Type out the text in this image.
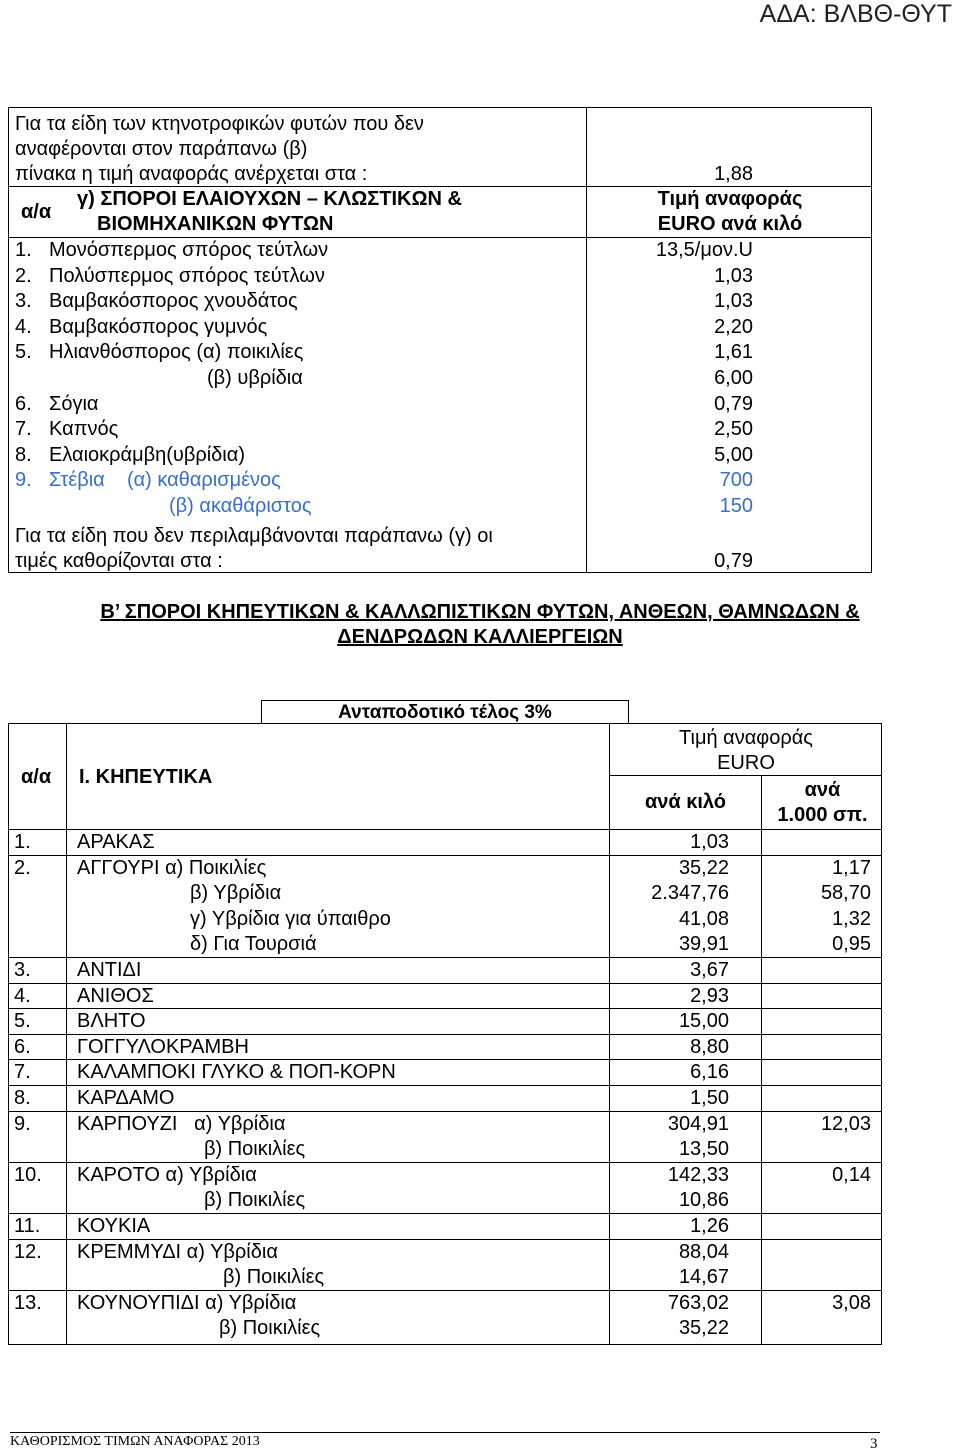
ΑΔΑ: ΒΛΒΘ-ΘΥΤ
Για τα είδη των κτηνοτροφικών φυτών που δεν
αναφέρονται στον παράπανω (β)
πίνακα η τιμή αναφοράς ανέρχεται στα :	1,88
α/α
γ) ΣΠΟΡΟΙ ΕΛΑΙΟΥΧΩΝ – ΚΛΩΣΤΙΚΩΝ &
ΒΙΟΜΗΧΑΝΙΚΩΝ ΦΥΤΩΝ
Τιμή αναφοράς
EURO ανά κιλό
1. Μονόσπερμος σπόρος τεύτλων	13,5/μον.U
2. Πολύσπερμος σπόρος τεύτλων	1,03
3. Βαμβακόσπορος χνουδάτος	1,03
4. Βαμβακόσπορος γυμνός	2,20
5. Ηλιανθόσπορος (α) ποικιλίες	1,61
(β) υβρίδια	6,00
6. Σόγια	0,79
7. Καπνός	2,50
8. Ελαιοκράμβη(υβρίδια)	5,00
9. Στέβια    (α) καθαρισμένος	700
(β) ακαθάριστος	150
Για τα είδη που δεν περιλαμβάνονται παράπανω (γ) οι
τιμές καθορίζονται στα :	0,79
Β’ ΣΠΟΡΟΙ ΚΗΠΕΥΤΙΚΩΝ & ΚΑΛΛΩΠΙΣΤΙΚΩΝ ΦΥΤΩΝ, ΑΝΘΕΩΝ, ΘΑΜΝΩΔΩΝ &
ΔΕΝΔΡΩΔΩΝ ΚΑΛΛΙΕΡΓΕΙΩΝ
Ανταποδοτικό τέλος 3%
α/α Ι. ΚΗΠΕΥΤΙΚΑ
Τιμή αναφοράς
EURO
ανά κιλό
ανά
1.000 σπ.
1. ΑΡΑΚΑΣ	1,03
2. ΑΓΓΟΥΡΙ α) Ποικιλίες	35,22	1,17
β) Υβρίδια	2.347,76	58,70
γ) Υβρίδια για ύπαιθρο	41,08	1,32
δ) Για Τουρσιά	39,91	0,95
3. ΑΝΤΙΔΙ	3,67
4. ΑΝΙΘΟΣ	2,93
5. ΒΛΗΤΟ	15,00
6. ΓΟΓΓΥΛΟΚΡΑΜΒΗ	8,80
7. ΚΑΛΑΜΠΟΚΙ ΓΛΥΚΟ & ΠΟΠ-ΚΟΡΝ	6,16
8. ΚΑΡΔΑΜΟ	1,50
9. ΚΑΡΠΟΥΖΙ   α) Υβρίδια	304,91	12,03
β) Ποικιλίες	13,50
10. ΚΑΡΟΤΟ α) Υβρίδια	142,33	0,14
β) Ποικιλίες	10,86
11. ΚΟΥΚΙΑ	1,26
12. ΚΡΕΜΜΥΔΙ α) Υβρίδια	88,04
β) Ποικιλίες	14,67
13. ΚΟΥΝΟΥΠΙΔΙ α) Υβρίδια	763,02	3,08
β) Ποικιλίες	35,22
ΚΑΘΟΡΙΣΜΟΣ ΤΙΜΩΝ ΑΝΑΦΟΡΑΣ 2013	3
